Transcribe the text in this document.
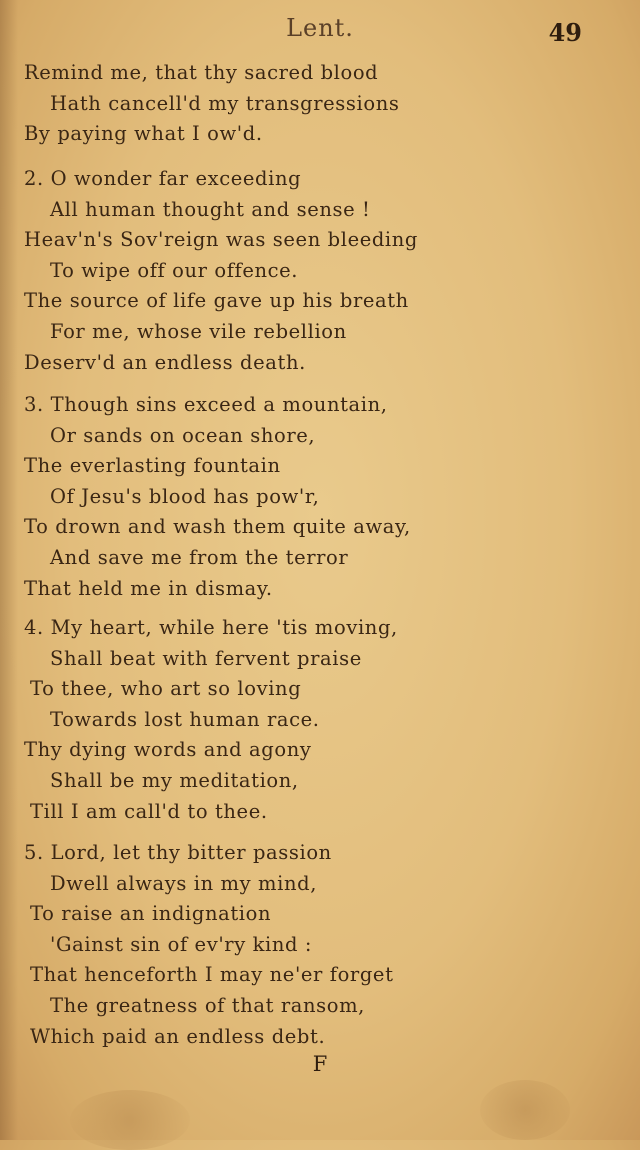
Lent.	49
Remind me, that thy sacred blood
Hath cancell'd my transgressions
By paying what I ow'd.
2. O wonder far exceeding
All human thought and sense !
Heav'n's Sov'reign was seen bleeding
To wipe off our offence.
The source of life gave up his breath
For me, whose vile rebellion
Deserv'd an endless death.
3. Though sins exceed a mountain,
Or sands on ocean shore,
The everlasting fountain
Of Jesu's blood has pow'r,
To drown and wash them quite away,
And save me from the terror
That held me in dismay.
4. My heart, while here 'tis moving,
Shall beat with fervent praise
To thee, who art so loving
Towards lost human race.
Thy dying words and agony
Shall be my meditation,
Till I am call'd to thee.
5. Lord, let thy bitter passion
Dwell always in my mind,
To raise an indignation
'Gainst sin of ev'ry kind :
That henceforth I may ne'er forget
The greatness of that ransom,
Which paid an endless debt.
F
